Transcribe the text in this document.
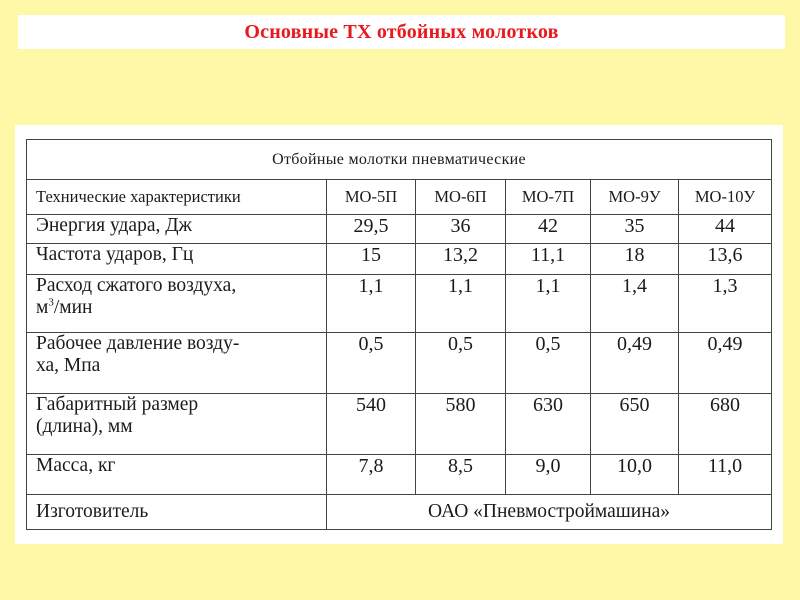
Основные ТХ отбойных молотков
Отбойные молотки пневматические					
Технические характеристики	МО-5П	МО-6П	МО-7П	МО-9У	МО-10У
Энергия удара, Дж	29,5	36	42	35	44
Частота ударов, Гц	15	13,2	11,1	18	13,6
Расход сжатого воздуха,
$м^3$/мин	1,1	1,1	1,1	1,4	1,3
Рабочее давление возду-
ха, Мпа	0,5	0,5	0,5	0,49	0,49
Габаритный размер
(длина), мм	540	580	630	650	680
Масса, кг	7,8	8,5	9,0	10,0	11,0
Изготовитель	ОАО «Пневмостроймашина»				
